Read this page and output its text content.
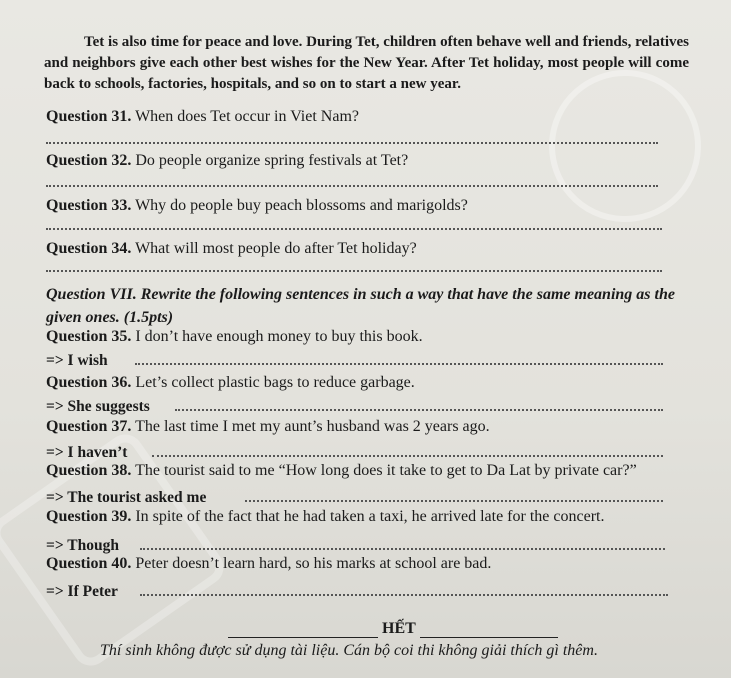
Tet is also time for peace and love. During Tet, children often behave well and friends, relatives and neighbors give each other best wishes for the New Year. After Tet holiday, most people will come back to schools, factories, hospitals, and so on to start a new year.

Question 31. When does Tet occur in Viet Nam?

Question 32. Do people organize spring festivals at Tet?

Question 33. Why do people buy peach blossoms and marigolds?

Question 34. What will most people do after Tet holiday?

Question VII. Rewrite the following sentences in such a way that have the same meaning as the given ones. (1.5pts)

Question 35. I don’t have enough money to buy this book.

=> I wish

Question 36. Let’s collect plastic bags to reduce garbage.

=> She suggests

Question 37. The last time I met my aunt’s husband was 2 years ago.

=> I haven’t

Question 38. The tourist said to me “How long does it take to get to Da Lat by private car?”

=> The tourist asked me

Question 39. In spite of the fact that he had taken a taxi, he arrived late for the concert.

=> Though

Question 40. Peter doesn’t learn hard, so his marks at school are bad.

=> If Peter
HẾT
Thí sinh không được sử dụng tài liệu. Cán bộ coi thi không giải thích gì thêm.
